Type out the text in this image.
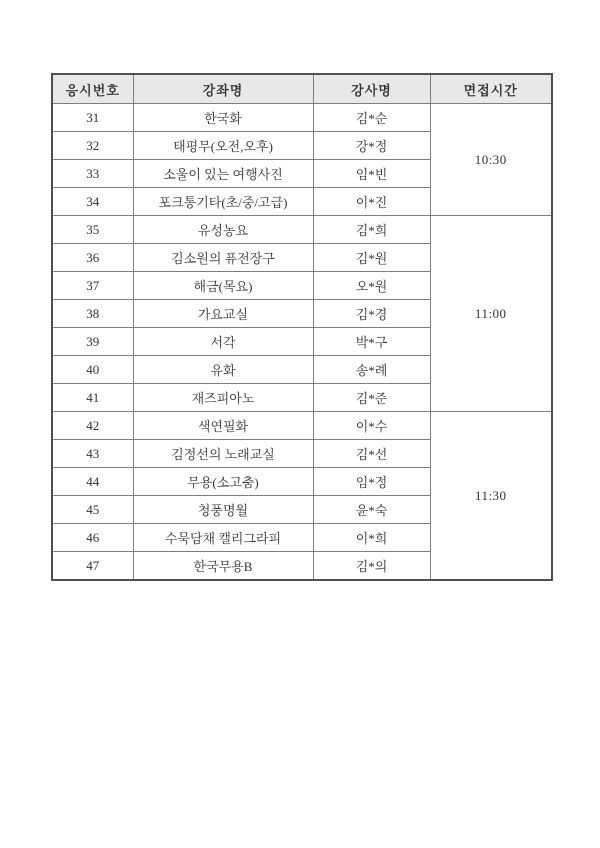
응시번호	강좌명	강사명	면접시간
31	한국화	김*순	10:30
32	태평무(오전,오후)	강*정	
33	소울이 있는 여행사진	임*빈	
34	포크통기타(초/중/고급)	이*진	
35	유성농요	김*희	11:00
36	김소원의 퓨전장구	김*원	
37	해금(목요)	오*원	
38	가요교실	김*경	
39	서각	박*구	
40	유화	송*례	
41	재즈피아노	김*준	
42	색연필화	이*수	11:30
43	김정선의 노래교실	김*선	
44	무용(소고춤)	임*정	
45	청풍명월	윤*숙	
46	수묵담채 캘리그라피	이*희	
47	한국무용B	김*의	
